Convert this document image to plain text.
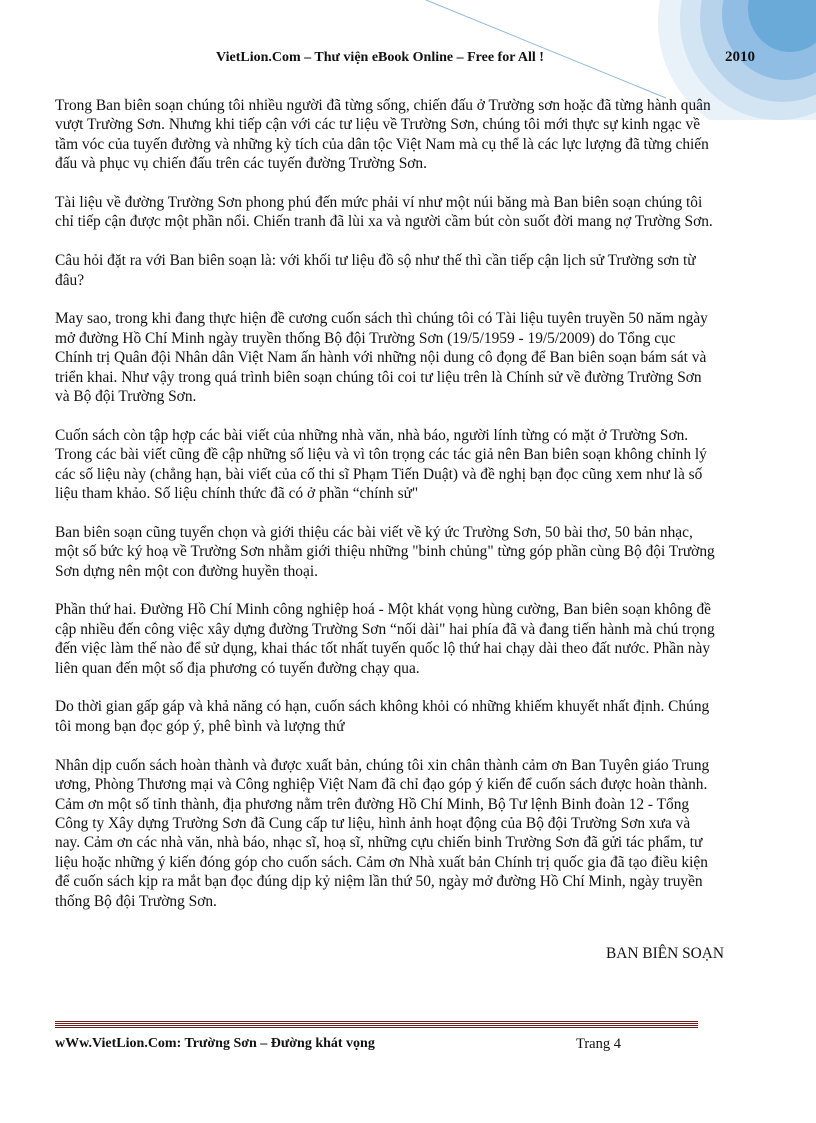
VietLion.Com – Thư viện eBook Online – Free for All !	2010

Trong Ban biên soạn chúng tôi nhiều người đã từng sống, chiến đấu ở Trường sơn hoặc đã từng hành quân vượt Trường Sơn. Nhưng khi tiếp cận với các tư liệu về Trường Sơn, chúng tôi mới thực sự kinh ngạc về tầm vóc của tuyến đường và những kỳ tích của dân tộc Việt Nam mà cụ thể là các lực lượng đã từng chiến đấu và phục vụ chiến đấu trên các tuyến đường Trường Sơn.

Tài liệu về đường Trường Sơn phong phú đến mức phải ví như một núi băng mà Ban biên soạn chúng tôi chỉ tiếp cận được một phần nổi. Chiến tranh đã lùi xa và người cầm bút còn suốt đời mang nợ Trường Sơn.

Câu hỏi đặt ra với Ban biên soạn là: với khối tư liệu đồ sộ như thế thì cần tiếp cận lịch sử Trường sơn từ đâu?

May sao, trong khi đang thực hiện đề cương cuốn sách thì chúng tôi có Tài liệu tuyên truyền 50 năm ngày mở đường Hồ Chí Minh ngày truyền thống Bộ đội Trường Sơn (19/5/1959 - 19/5/2009) do Tổng cục Chính trị Quân đội Nhân dân Việt Nam ấn hành với những nội dung cô đọng để Ban biên soạn bám sát và triển khai. Như vậy trong quá trình biên soạn chúng tôi coi tư liệu trên là Chính sử về đường Trường Sơn và Bộ đội Trường Sơn.

Cuốn sách còn tập hợp các bài viết của những nhà văn, nhà báo, người lính từng có mặt ở Trường Sơn. Trong các bài viết cũng đề cập những số liệu và vì tôn trọng các tác giả nên Ban biên soạn không chỉnh lý các số liệu này (chẳng hạn, bài viết của cố thi sĩ Phạm Tiến Duật) và đề nghị bạn đọc cũng xem như là số liệu tham khảo. Số liệu chính thức đã có ở phần “chính sử"

Ban biên soạn cũng tuyển chọn và giới thiệu các bài viết về ký ức Trường Sơn, 50 bài thơ, 50 bản nhạc, một số bức ký hoạ về Trường Sơn nhằm giới thiệu những "binh chủng" từng góp phần cùng Bộ đội Trường Sơn dựng nên một con đường huyền thoại.

Phần thứ hai. Đường Hồ Chí Minh công nghiệp hoá - Một khát vọng hùng cường, Ban biên soạn không đề cập nhiều đến công việc xây dựng đường Trường Sơn “nối dài" hai phía đã và đang tiến hành mà chú trọng đến việc làm thế nào để sử dụng, khai thác tốt nhất tuyến quốc lộ thứ hai chạy dài theo đất nước. Phần này liên quan đến một số địa phương có tuyến đường chạy qua.

Do thời gian gấp gáp và khả năng có hạn, cuốn sách không khỏi có những khiếm khuyết nhất định. Chúng tôi mong bạn đọc góp ý, phê bình và lượng thứ

Nhân dịp cuốn sách hoàn thành và được xuất bản, chúng tôi xin chân thành cảm ơn Ban Tuyên giáo Trung ương, Phòng Thương mại và Công nghiệp Việt Nam đã chỉ đạo góp ý kiến để cuốn sách được hoàn thành. Cảm ơn một số tỉnh thành, địa phương nằm trên đường Hồ Chí Minh, Bộ Tư lệnh Binh đoàn 12 - Tổng Công ty Xây dựng Trường Sơn đã Cung cấp tư liệu, hình ảnh hoạt động của Bộ đội Trường Sơn xưa và nay. Cảm ơn các nhà văn, nhà báo, nhạc sĩ, hoạ sĩ, những cựu chiến binh Trường Sơn đã gửi tác phẩm, tư liệu hoặc những ý kiến đóng góp cho cuốn sách. Cảm ơn Nhà xuất bản Chính trị quốc gia đã tạo điều kiện để cuốn sách kịp ra mắt bạn đọc đúng dịp kỷ niệm lần thứ 50, ngày mở đường Hồ Chí Minh, ngày truyền thống Bộ đội Trường Sơn.

BAN BIÊN SOẠN
wWw.VietLion.Com: Trường Sơn – Đường khát vọng	Trang 4
